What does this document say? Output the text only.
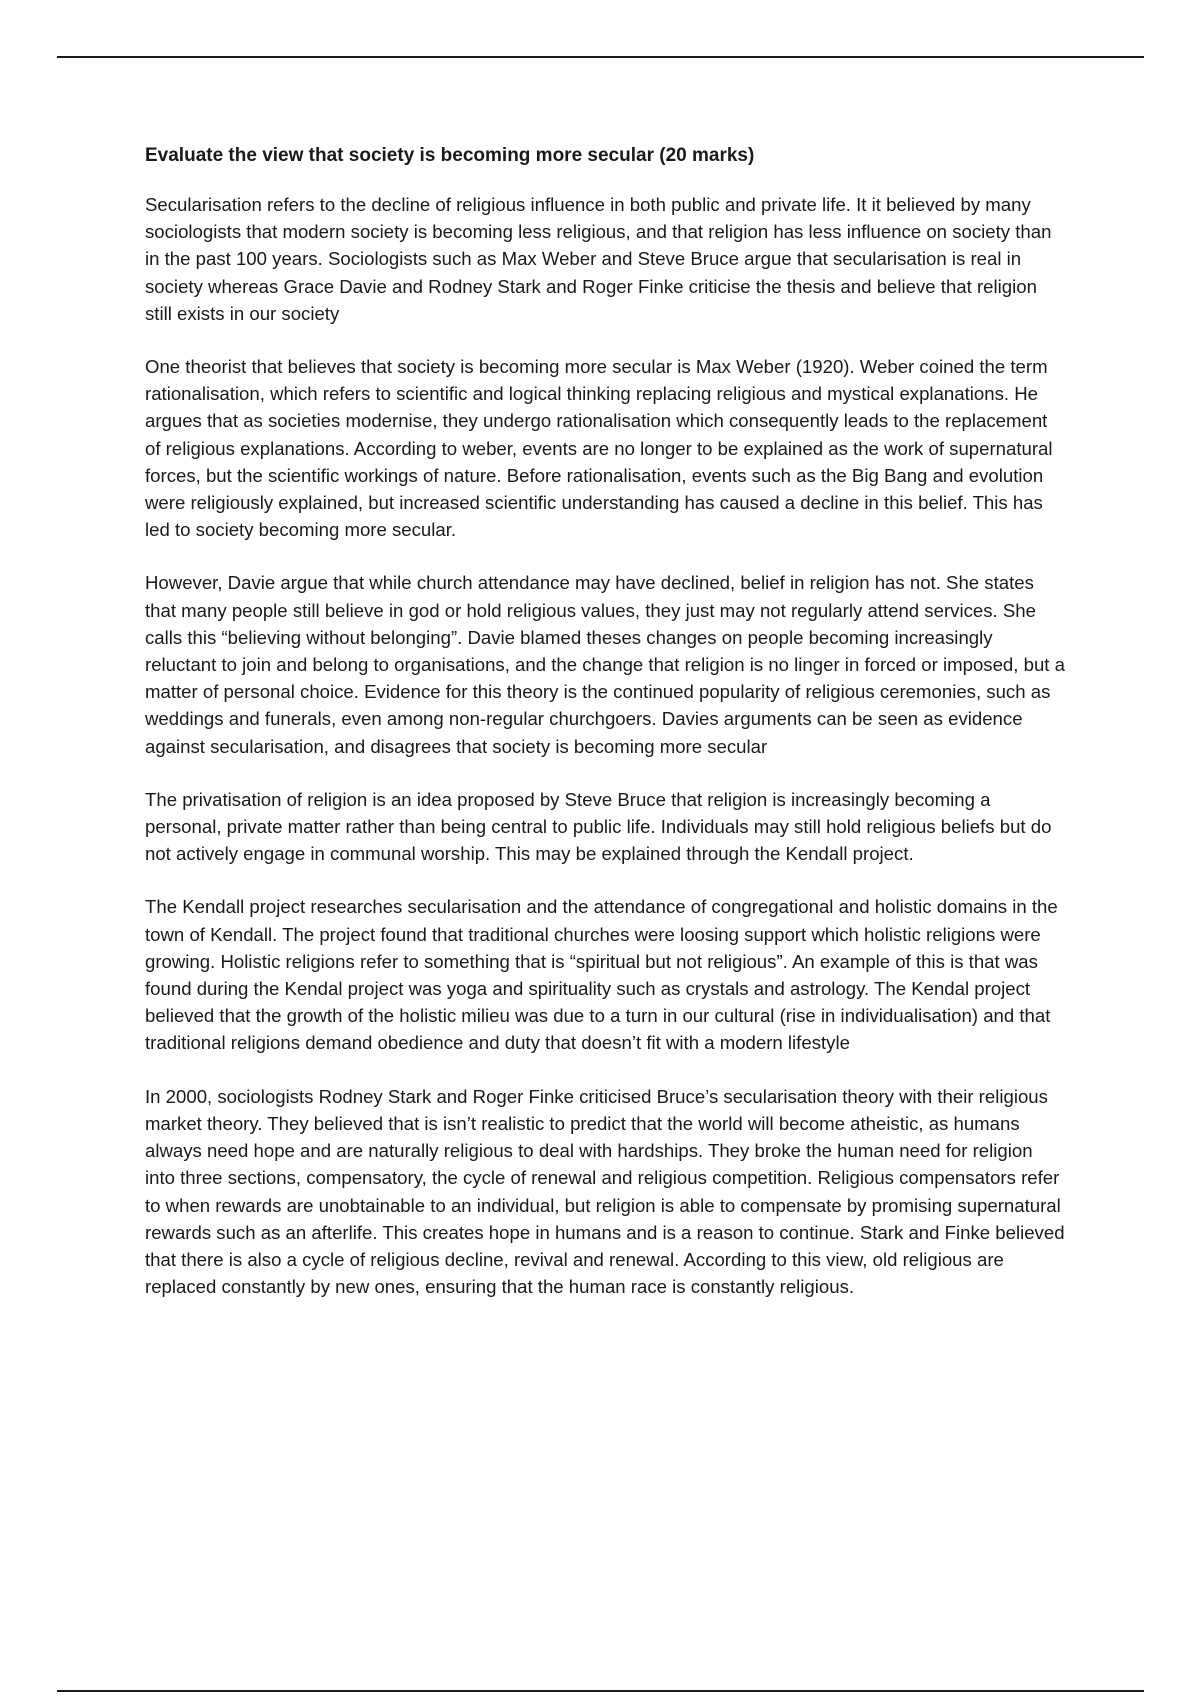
Evaluate the view that society is becoming more secular (20 marks)

Secularisation refers to the decline of religious influence in both public and private life. It it believed by many sociologists that modern society is becoming less religious, and that religion has less influence on society than in the past 100 years. Sociologists such as Max Weber and Steve Bruce argue that secularisation is real in society whereas Grace Davie and Rodney Stark and Roger Finke criticise the thesis and believe that religion still exists in our society

One theorist that believes that society is becoming more secular is Max Weber (1920). Weber coined the term rationalisation, which refers to scientific and logical thinking replacing religious and mystical explanations. He argues that as societies modernise, they undergo rationalisation which consequently leads to the replacement of religious explanations. According to weber, events are no longer to be explained as the work of supernatural forces, but the scientific workings of nature. Before rationalisation, events such as the Big Bang and evolution were religiously explained, but increased scientific understanding has caused a decline in this belief. This has led to society becoming more secular.

However, Davie argue that while church attendance may have declined, belief in religion has not. She states that many people still believe in god or hold religious values, they just may not regularly attend services. She calls this “believing without belonging”. Davie blamed theses changes on people becoming increasingly reluctant to join and belong to organisations, and the change that religion is no linger in forced or imposed, but a matter of personal choice. Evidence for this theory is the continued popularity of religious ceremonies, such as weddings and funerals, even among non-regular churchgoers. Davies arguments can be seen as evidence against secularisation, and disagrees that society is becoming more secular

The privatisation of religion is an idea proposed by Steve Bruce that religion is increasingly becoming a personal, private matter rather than being central to public life. Individuals may still hold religious beliefs but do not actively engage in communal worship. This may be explained through the Kendall project.

The Kendall project researches secularisation and the attendance of congregational and holistic domains in the town of Kendall. The project found that traditional churches were loosing support which holistic religions were growing. Holistic religions refer to something that is “spiritual but not religious”. An example of this is that was found during the Kendal project was yoga and spirituality such as crystals and astrology. The Kendal project believed that the growth of the holistic milieu was due to a turn in our cultural (rise in individualisation) and that traditional religions demand obedience and duty that doesn’t fit with a modern lifestyle

In 2000, sociologists Rodney Stark and Roger Finke criticised Bruce’s secularisation theory with their religious market theory. They believed that is isn’t realistic to predict that the world will become atheistic, as humans always need hope and are naturally religious to deal with hardships. They broke the human need for religion into three sections, compensatory, the cycle of renewal and religious competition. Religious compensators refer to when rewards are unobtainable to an individual, but religion is able to compensate by promising supernatural rewards such as an afterlife. This creates hope in humans and is a reason to continue. Stark and Finke believed that there is also a cycle of religious decline, revival and renewal. According to this view, old religious are replaced constantly by new ones, ensuring that the human race is constantly religious.
